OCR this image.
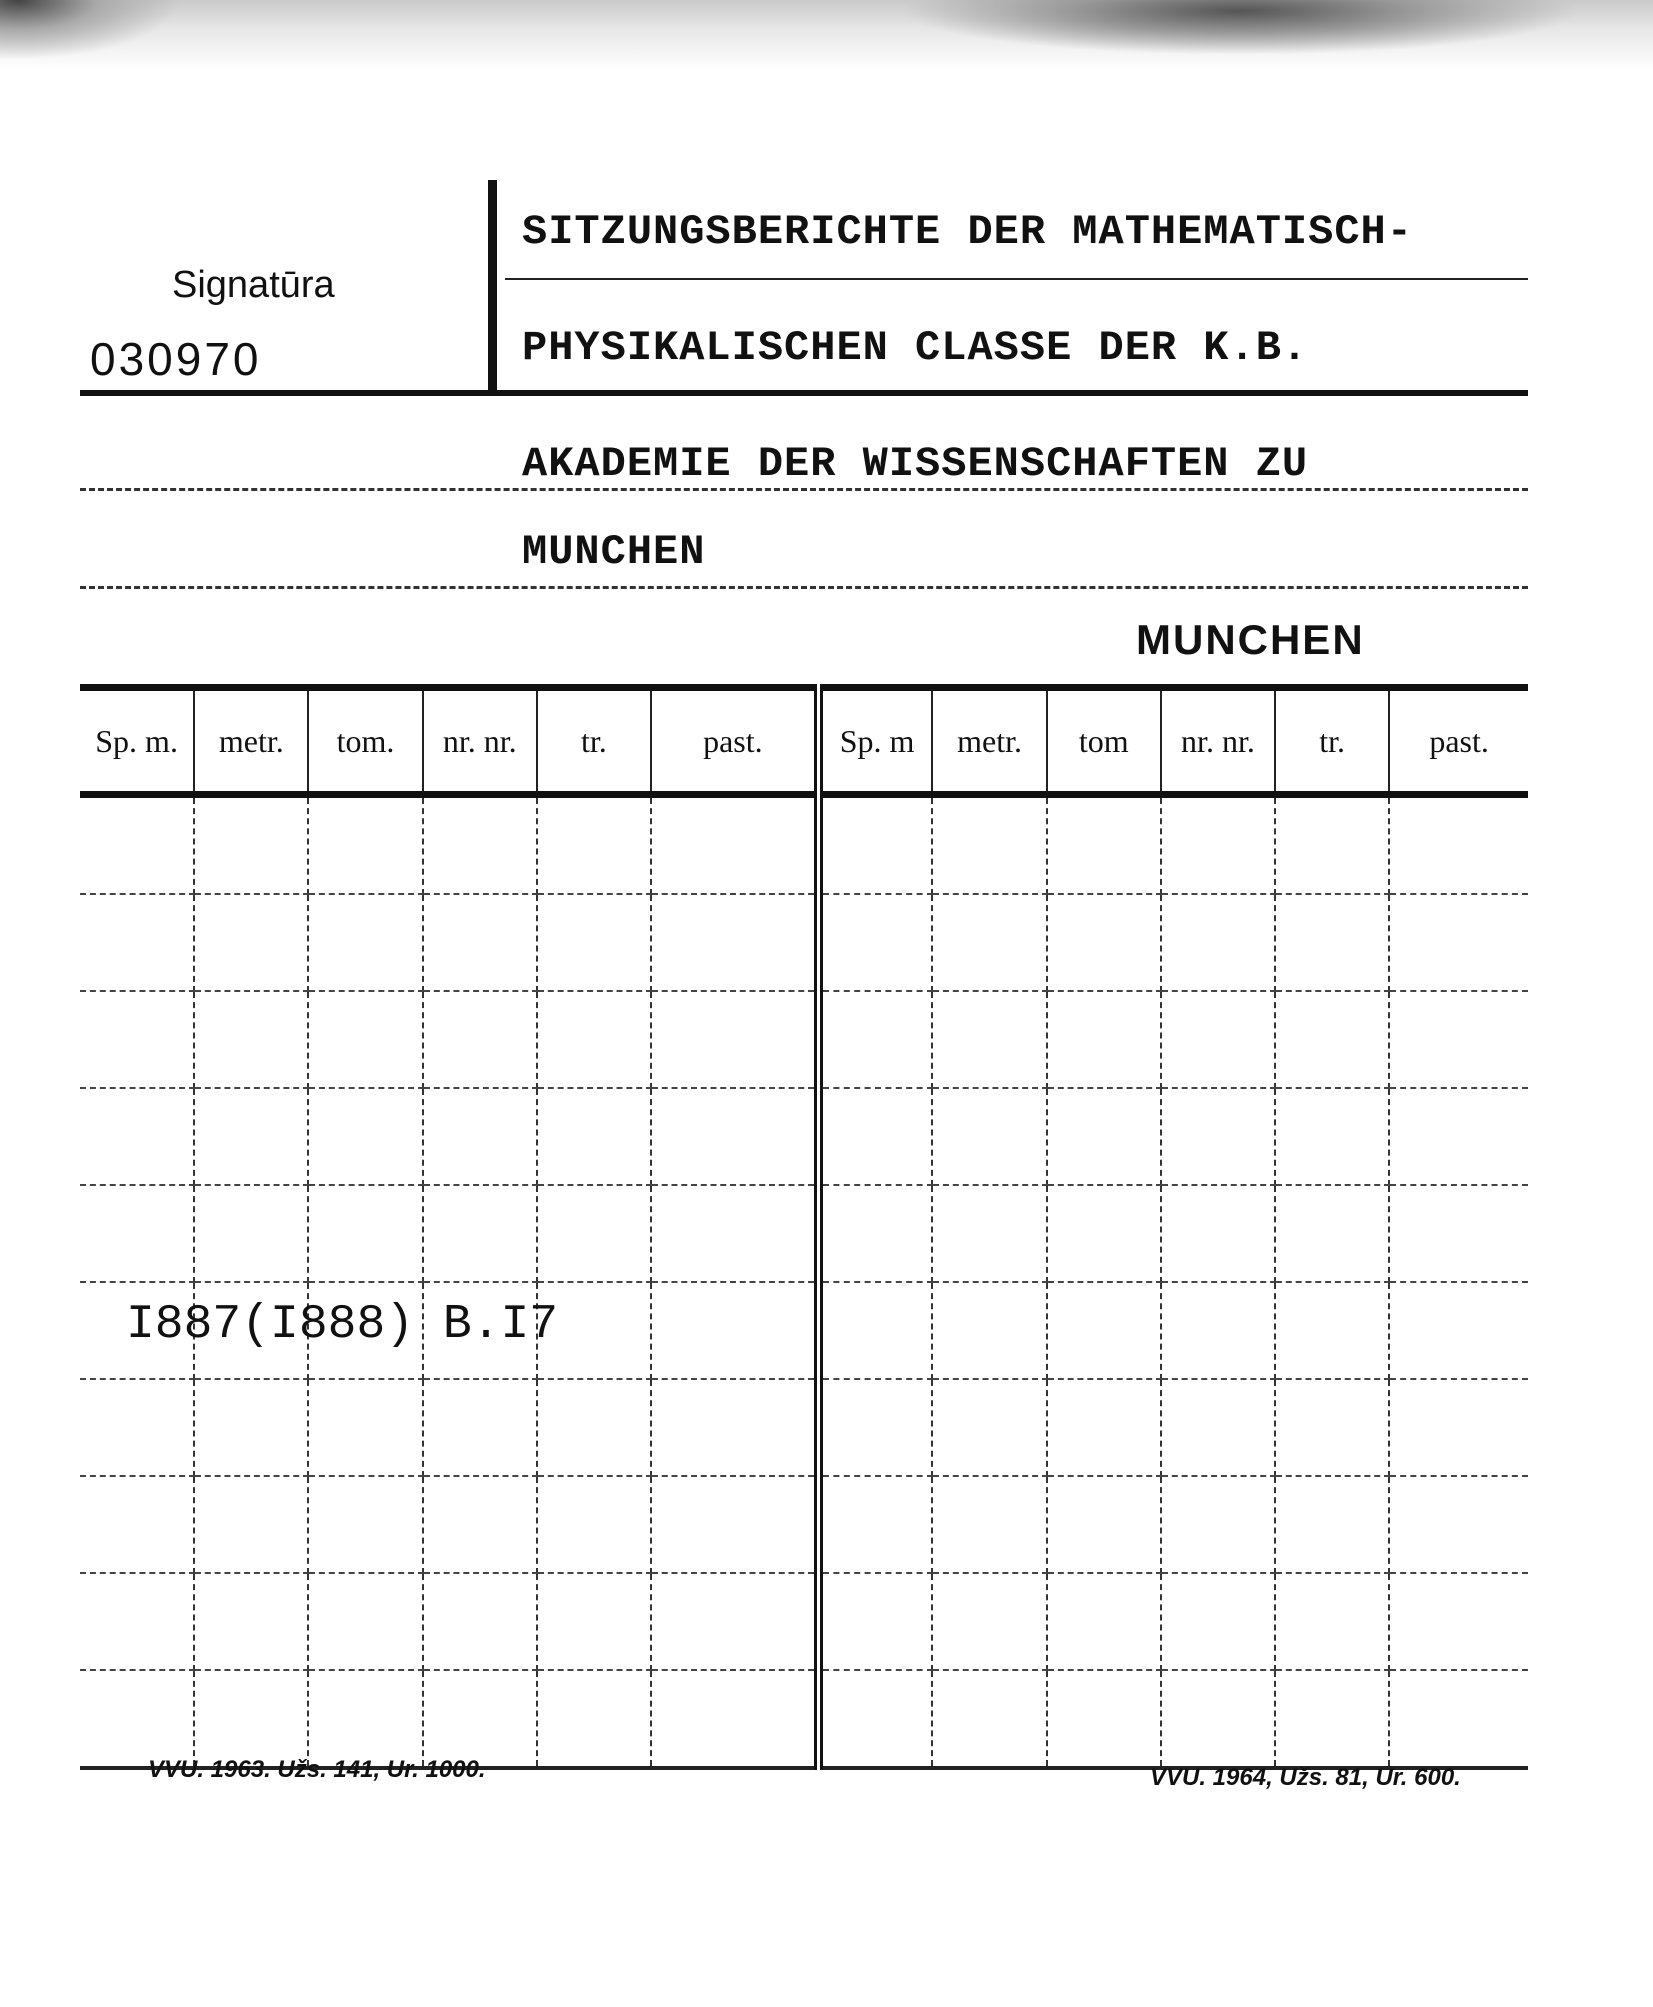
Signatūra
030970
SITZUNGSBERICHTE DER MATHEMATISCH-
PHYSIKALISCHEN CLASSE DER K.B.
AKADEMIE DER WISSENSCHAFTEN ZU
MUNCHEN
MUNCHEN
Sp. m.	metr.	tom.	nr. nr.	tr.	past.	Sp. m	metr.	tom	nr. nr.	tr.	past.

I887(I888) B.I7
VVU. 1963. Užs. 141, Ur. 1000.	VVU. 1964, Užs. 81, Ur. 600.
